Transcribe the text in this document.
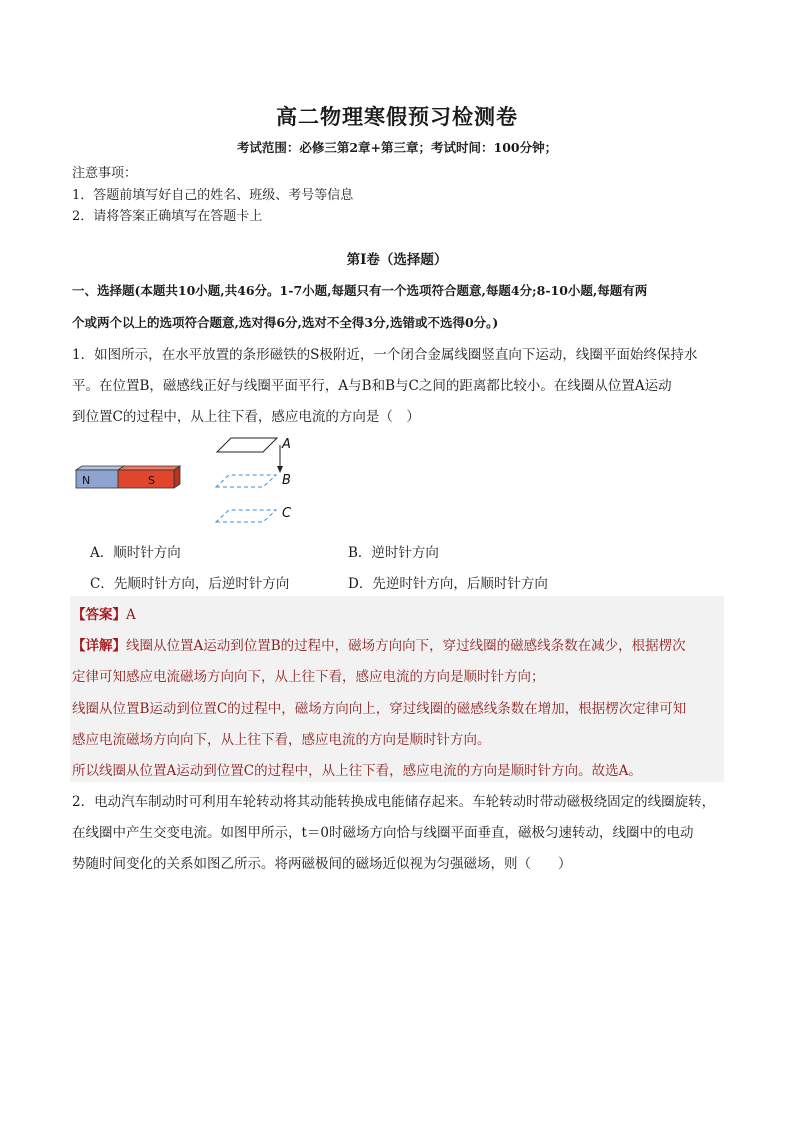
高二物理寒假预习检测卷
考试范围：必修三第2章+第三章；考试时间：100分钟；
注意事项：
1．答题前填写好自己的姓名、班级、考号等信息
2．请将答案正确填写在答题卡上
第Ⅰ卷（选择题）
一、选择题(本题共10小题,共46分。1-7小题,每题只有一个选项符合题意,每题4分;8-10小题,每题有两
个或两个以上的选项符合题意,选对得6分,选对不全得3分,选错或不选得0分。)
1．如图所示，在水平放置的条形磁铁的S极附近，一个闭合金属线圈竖直向下运动，线圈平面始终保持水
平。在位置B，磁感线正好与线圈平面平行，A与B和B与C之间的距离都比较小。在线圈从位置A运动
到位置C的过程中，从上往下看，感应电流的方向是（　）
N	S
A
B
C
A．顺时针方向	B．逆时针方向
C．先顺时针方向，后逆时针方向	D．先逆时针方向，后顺时针方向
【答案】A
【详解】线圈从位置A运动到位置B的过程中，磁场方向向下，穿过线圈的磁感线条数在减少，根据楞次
定律可知感应电流磁场方向向下，从上往下看，感应电流的方向是顺时针方向；
线圈从位置B运动到位置C的过程中，磁场方向向上，穿过线圈的磁感线条数在增加，根据楞次定律可知
感应电流磁场方向向下，从上往下看，感应电流的方向是顺时针方向。
所以线圈从位置A运动到位置C的过程中，从上往下看，感应电流的方向是顺时针方向。故选A。
2．电动汽车制动时可利用车轮转动将其动能转换成电能储存起来。车轮转动时带动磁极绕固定的线圈旋转，
在线圈中产生交变电流。如图甲所示，t＝0时磁场方向恰与线圈平面垂直，磁极匀速转动，线圈中的电动
势随时间变化的关系如图乙所示。将两磁极间的磁场近似视为匀强磁场，则（　　）
